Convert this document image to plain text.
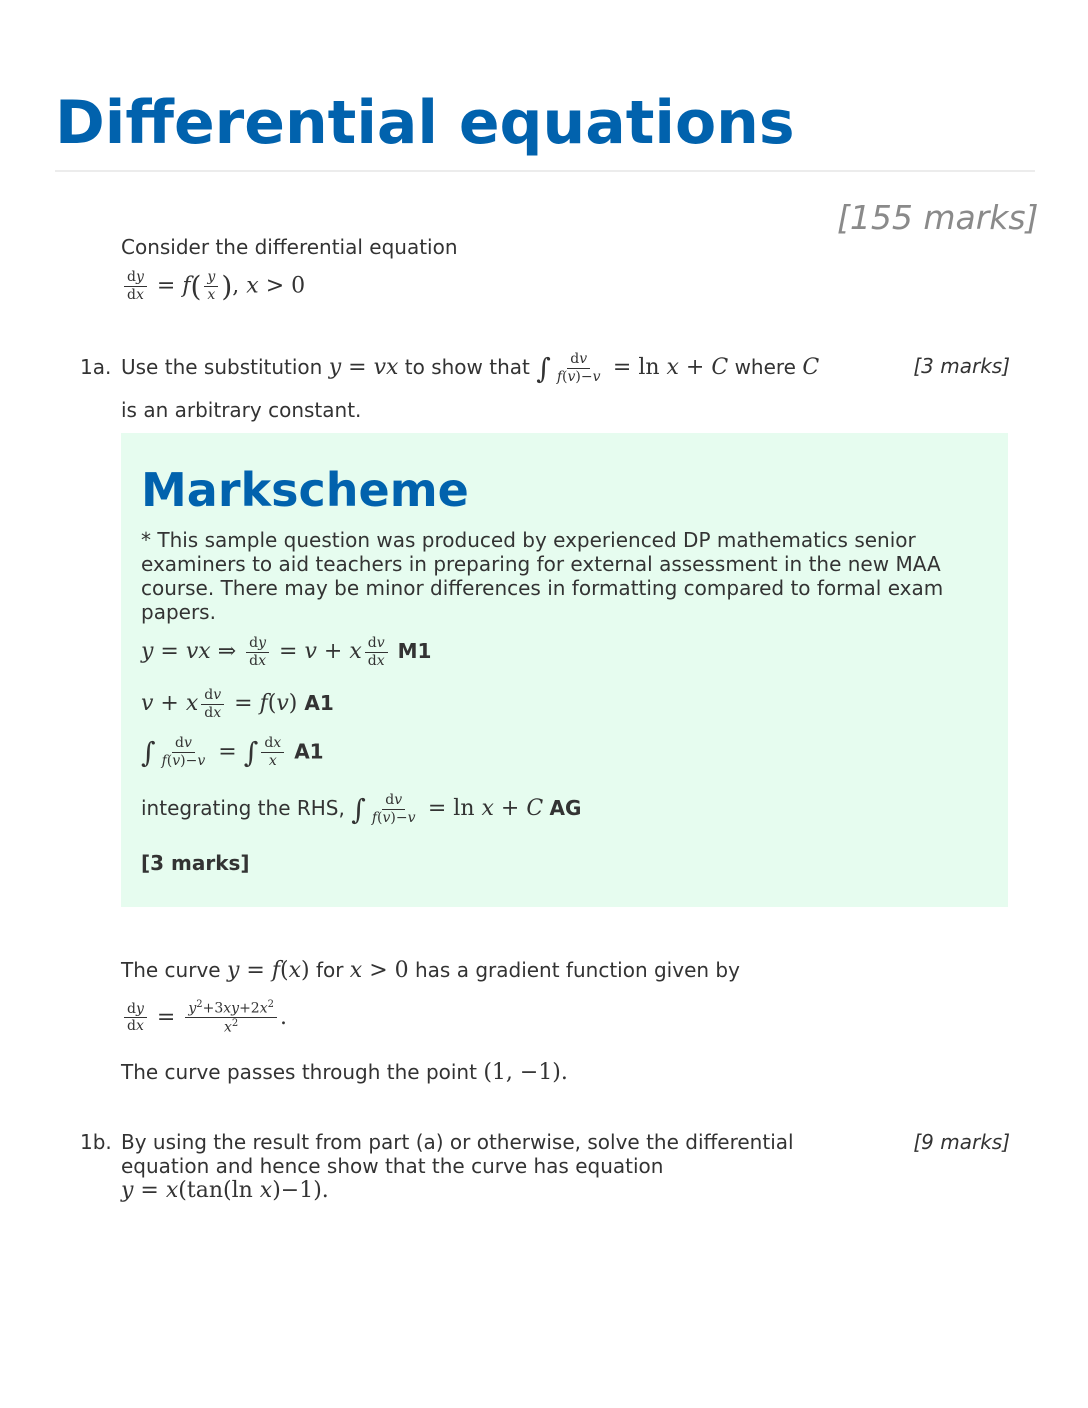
Differential equations
[155 marks]
Consider the differential equation
$\frac{dy}{dx} = f( \frac{y}{x}$ ), x > 0
1a.	[3 marks]
Use the substitution y = vx to show that ∫ $\frac{dv}{f(v)-v} = \ln x + C$ where C
is an arbitrary constant.
Markscheme
* This sample question was produced by experienced DP mathematics senior examiners to aid teachers in preparing for external assessment in the new MAA course. There may be minor differences in formatting compared to formal exam papers.
y = vx ⇒ $\frac{dy}{dx} = v + x \frac{dv}{dx} M1$
v + x $\frac{dv}{dx} = f(v)$ A1
∫ $\frac{dv}{f(v)-v}$ = ∫ $\frac{dx}{x} A1$
integrating the RHS, ∫ $\frac{dv}{f(v)-v} = \ln x + C$ AG
[3 marks]
The curve y = f(x) for x > 0 has a gradient function given by
$\frac{dy}{dx} = \frac{y^2+3xy+2x^2}{x^2}$ .
The curve passes through the point (1, −1).
1b.	[9 marks]
By using the result from part (a) or otherwise, solve the differential
equation and hence show that the curve has equation
y = x(tan(ln x)−1).
